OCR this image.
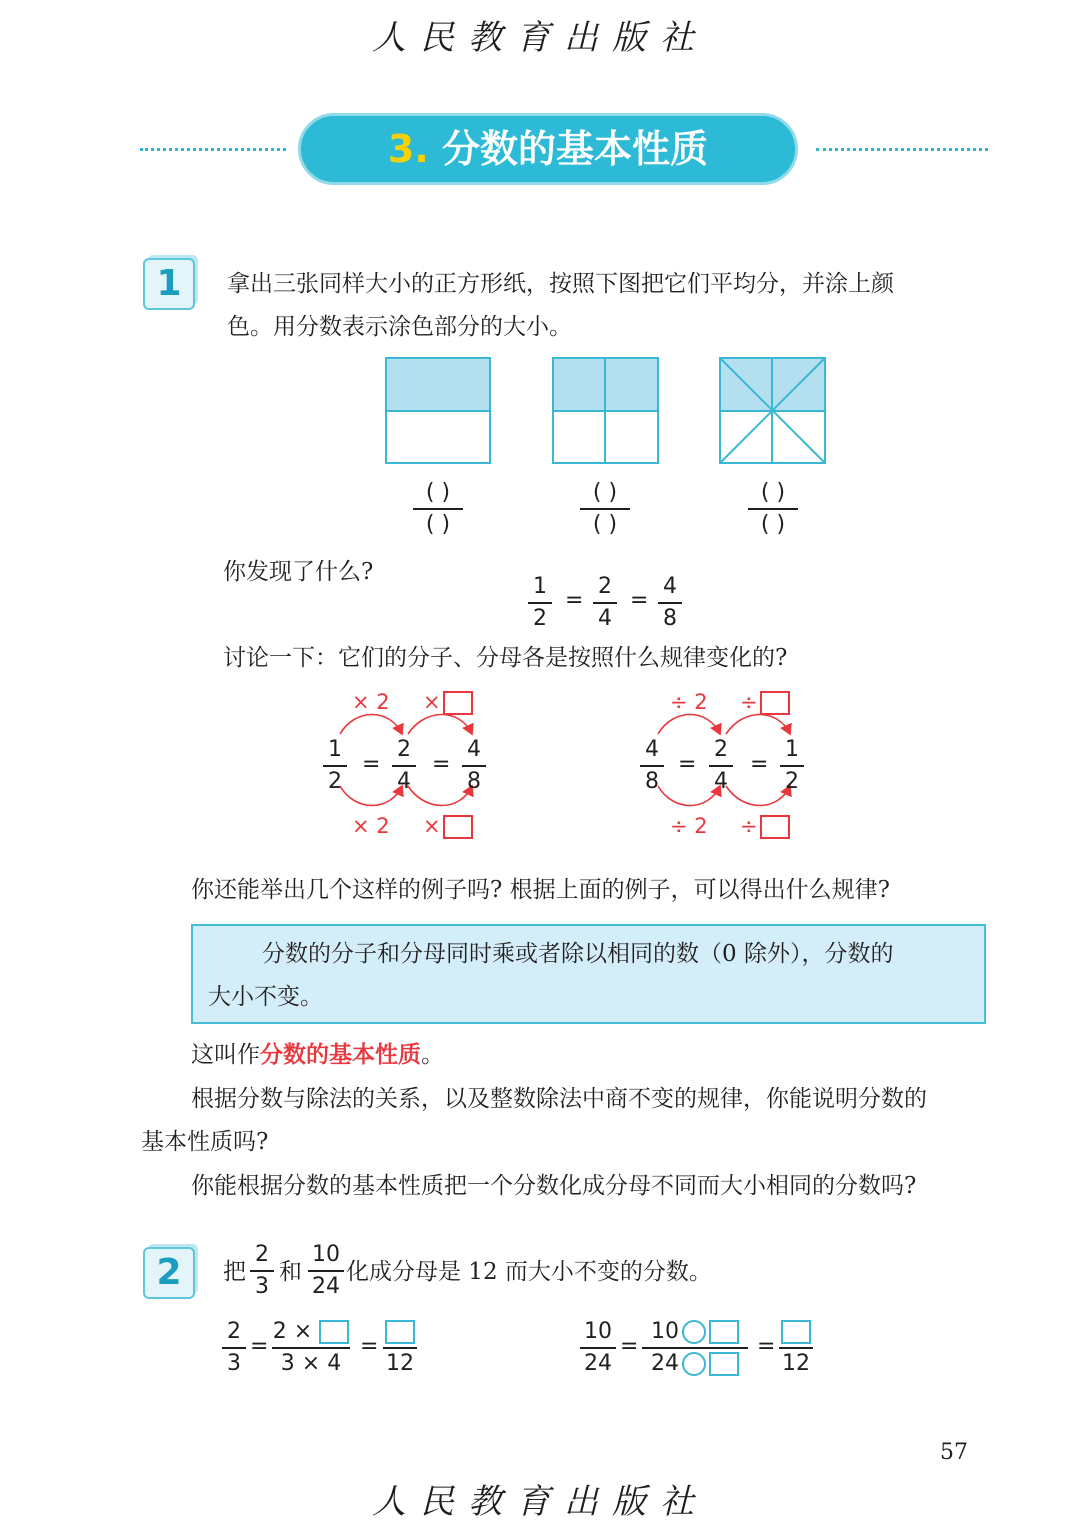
人民教育出版社
3. 分数的基本性质
1	拿出三张同样大小的正方形纸，按照下图把它们平均分，并涂上颜
色。用分数表示涂色部分的大小。
( )
( )
( )
( )
( )
( )
你发现了什么?
1
2
=
2
4
=
4
8
讨论一下：它们的分子、分母各是按照什么规律变化的?
× 2 ×
× 2 ×
1
2
=
2
4
=
4
8
÷ 2 ÷
÷ 2 ÷
4
8
=
2
4
=
1
2
你还能举出几个这样的例子吗? 根据上面的例子，可以得出什么规律?
分数的分子和分母同时乘或者除以相同的数（0 除外），分数的
大小不变。
这叫作分数的基本性质。
根据分数与除法的关系，以及整数除法中商不变的规律，你能说明分数的
基本性质吗?
你能根据分数的基本性质把一个分数化成分母不同而大小相同的分数吗?
2	把
2
3
和
10
24
化成分母是 12 而大小不变的分数。
2
3
=
2 ×
3 × 4
=
12
10
24
=
10
24
=
12
57
人民教育出版社
